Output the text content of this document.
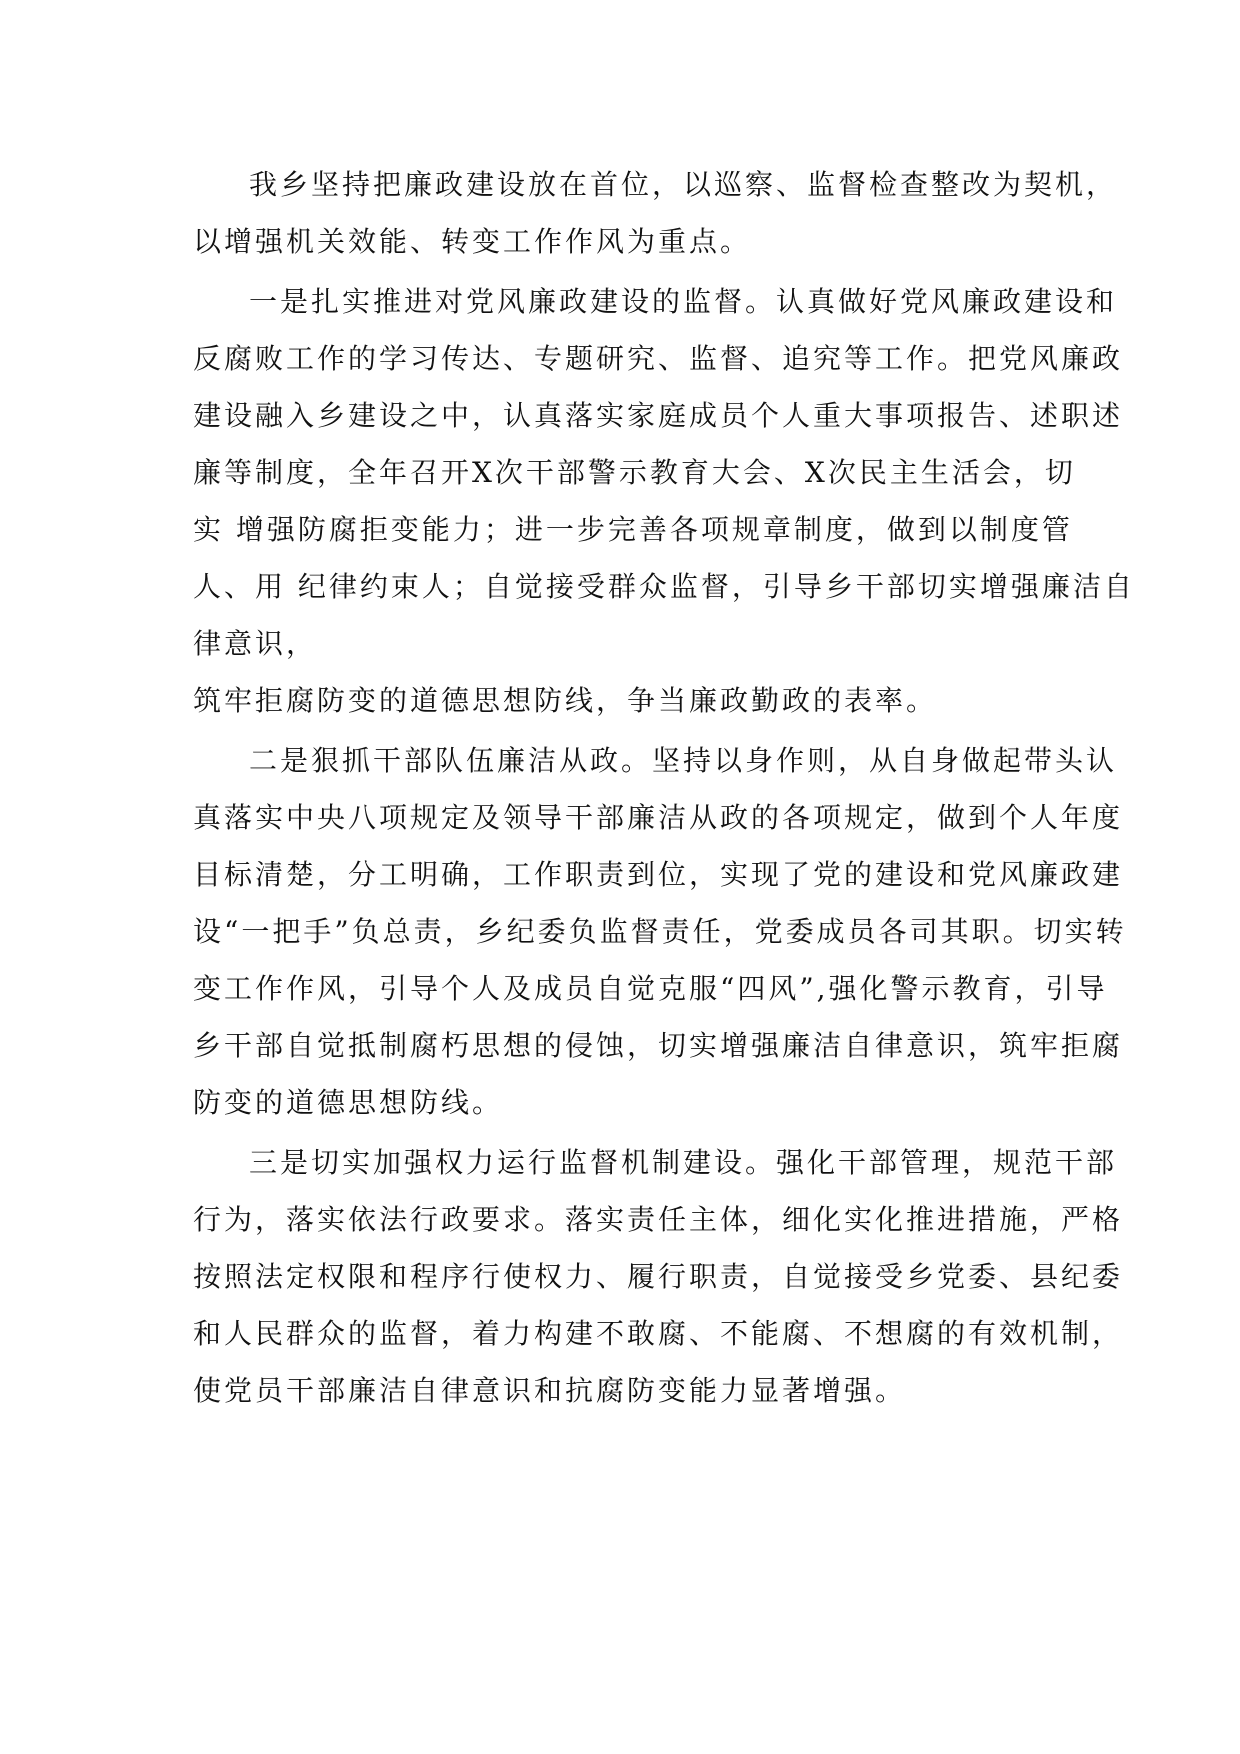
我乡坚持把廉政建设放在首位，以巡察、监督检查整改为契机，

以增强机关效能、转变工作作风为重点。

一是扎实推进对党风廉政建设的监督。认真做好党风廉政建设和

反腐败工作的学习传达、专题研究、监督、追究等工作。把党风廉政

建设融入乡建设之中，认真落实家庭成员个人重大事项报告、述职述

廉等制度，全年召开X次干部警示教育大会、X次民主生活会，切

实 增强防腐拒变能力；进一步完善各项规章制度，做到以制度管

人、用 纪律约束人；自觉接受群众监督，引导乡干部切实增强廉洁自

律意识，

筑牢拒腐防变的道德思想防线，争当廉政勤政的表率。

二是狠抓干部队伍廉洁从政。坚持以身作则，从自身做起带头认

真落实中央八项规定及领导干部廉洁从政的各项规定，做到个人年度

目标清楚，分工明确，工作职责到位，实现了党的建设和党风廉政建

设“一把手”负总责，乡纪委负监督责任，党委成员各司其职。切实转

变工作作风，引导个人及成员自觉克服“四风”,强化警示教育，引导

乡干部自觉抵制腐朽思想的侵蚀，切实增强廉洁自律意识，筑牢拒腐

防变的道德思想防线。

三是切实加强权力运行监督机制建设。强化干部管理，规范干部

行为，落实依法行政要求。落实责任主体，细化实化推进措施，严格

按照法定权限和程序行使权力、履行职责，自觉接受乡党委、县纪委

和人民群众的监督，着力构建不敢腐、不能腐、不想腐的有效机制，

使党员干部廉洁自律意识和抗腐防变能力显著增强。
